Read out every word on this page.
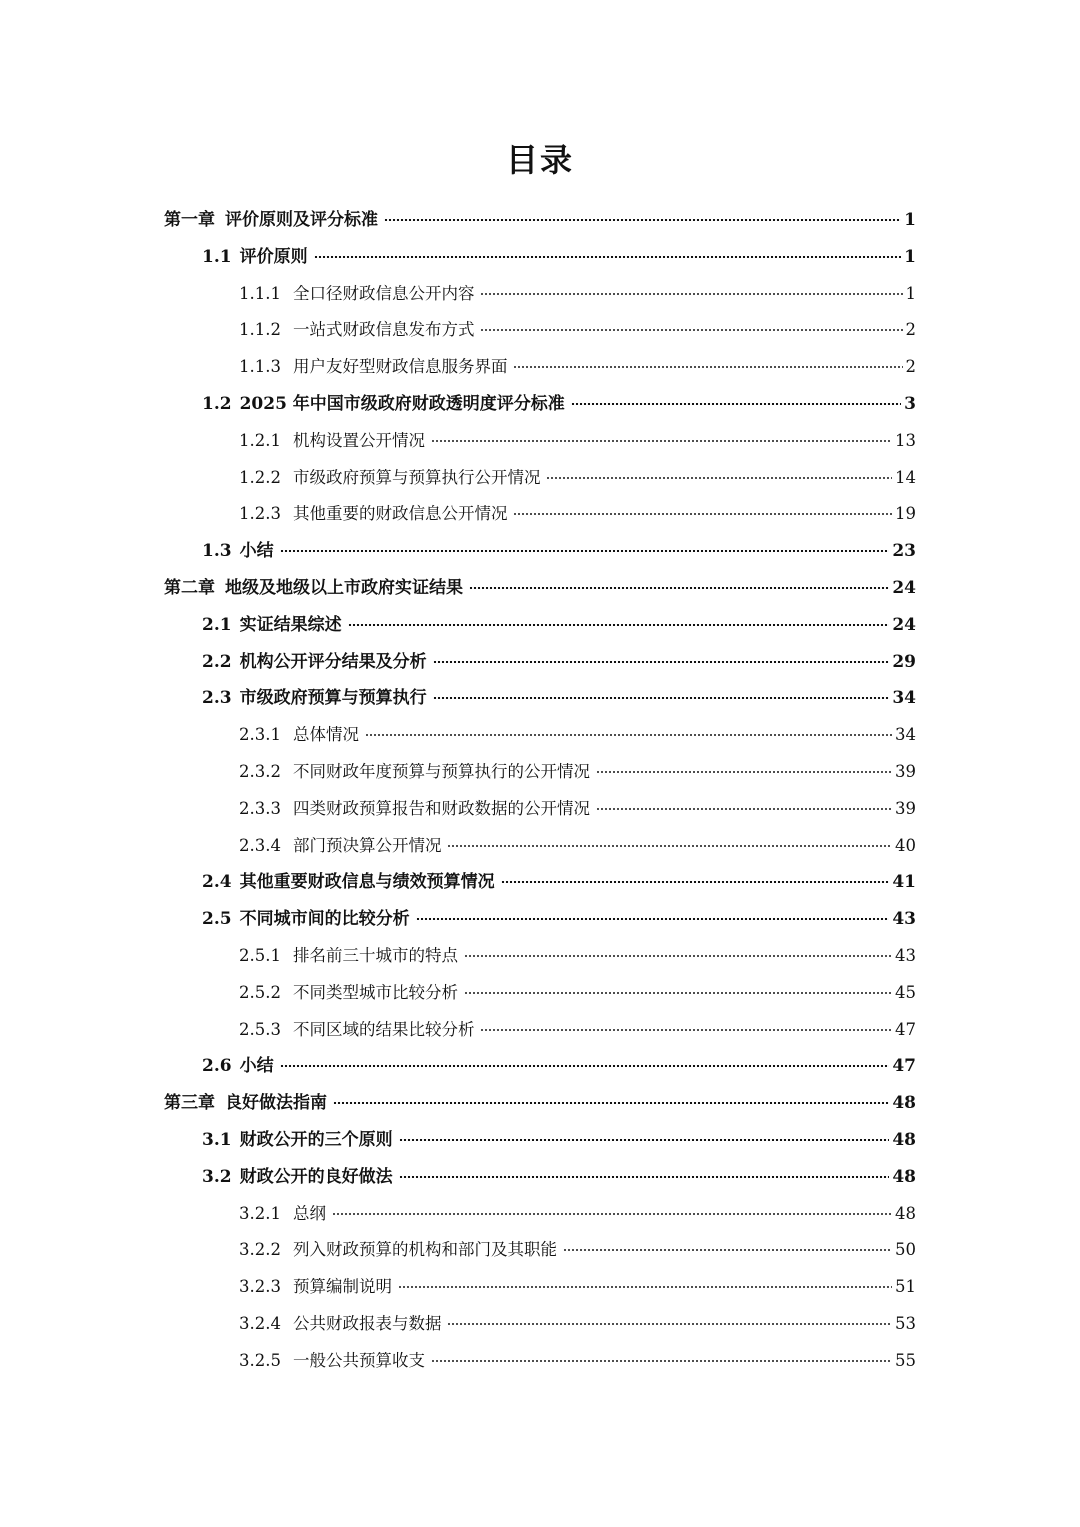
目录
第一章 评价原则及评分标准	1
1.1 评价原则	1
1.1.1 全口径财政信息公开内容	1
1.1.2 一站式财政信息发布方式	2
1.1.3 用户友好型财政信息服务界面	2
1.2 2025 年中国市级政府财政透明度评分标准	3
1.2.1 机构设置公开情况	13
1.2.2 市级政府预算与预算执行公开情况	14
1.2.3 其他重要的财政信息公开情况	19
1.3 小结	23
第二章 地级及地级以上市政府实证结果	24
2.1 实证结果综述	24
2.2 机构公开评分结果及分析	29
2.3 市级政府预算与预算执行	34
2.3.1 总体情况	34
2.3.2 不同财政年度预算与预算执行的公开情况	39
2.3.3 四类财政预算报告和财政数据的公开情况	39
2.3.4 部门预决算公开情况	40
2.4 其他重要财政信息与绩效预算情况	41
2.5 不同城市间的比较分析	43
2.5.1 排名前三十城市的特点	43
2.5.2 不同类型城市比较分析	45
2.5.3 不同区域的结果比较分析	47
2.6 小结	47
第三章 良好做法指南	48
3.1 财政公开的三个原则	48
3.2 财政公开的良好做法	48
3.2.1 总纲	48
3.2.2 列入财政预算的机构和部门及其职能	50
3.2.3 预算编制说明	51
3.2.4 公共财政报表与数据	53
3.2.5 一般公共预算收支	55
